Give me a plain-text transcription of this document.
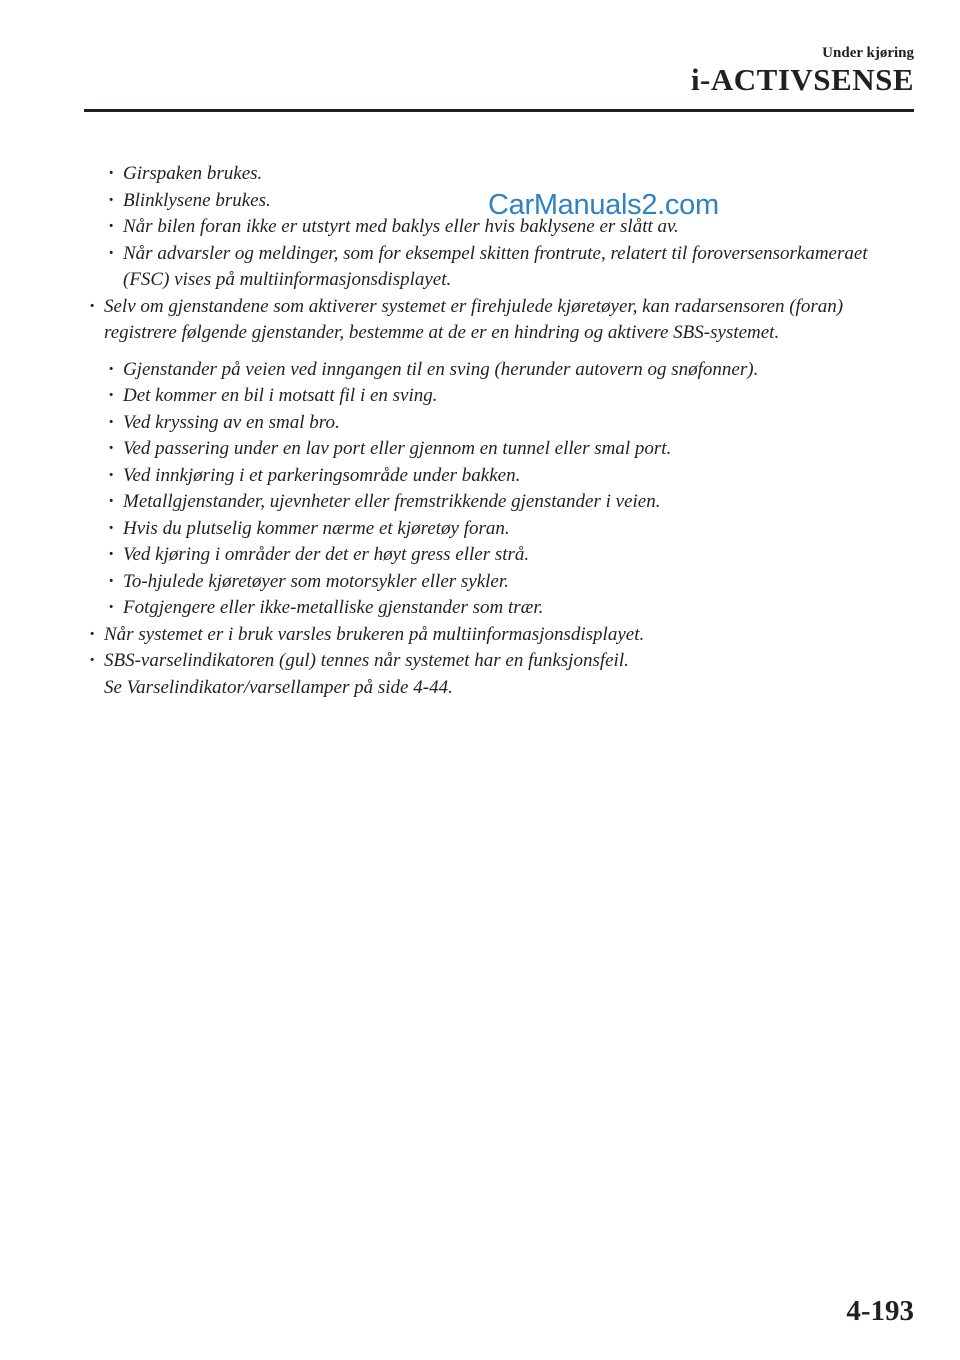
Under kjøring
i-ACTIVSENSE
CarManuals2.com
· Girspaken brukes.
· Blinklysene brukes.
· Når bilen foran ikke er utstyrt med baklys eller hvis baklysene er slått av.
· Når advarsler og meldinger, som for eksempel skitten frontrute, relatert til foroversensorkameraet (FSC) vises på multiinformasjonsdisplayet.
· Selv om gjenstandene som aktiverer systemet er firehjulede kjøretøyer, kan radarsensoren (foran) registrere følgende gjenstander, bestemme at de er en hindring og aktivere SBS-systemet.
· Gjenstander på veien ved inngangen til en sving (herunder autovern og snøfonner).
· Det kommer en bil i motsatt fil i en sving.
· Ved kryssing av en smal bro.
· Ved passering under en lav port eller gjennom en tunnel eller smal port.
· Ved innkjøring i et parkeringsområde under bakken.
· Metallgjenstander, ujevnheter eller fremstrikkende gjenstander i veien.
· Hvis du plutselig kommer nærme et kjøretøy foran.
· Ved kjøring i områder der det er høyt gress eller strå.
· To-hjulede kjøretøyer som motorsykler eller sykler.
· Fotgjengere eller ikke-metalliske gjenstander som trær.
· Når systemet er i bruk varsles brukeren på multiinformasjonsdisplayet.
· SBS-varselindikatoren (gul) tennes når systemet har en funksjonsfeil.
Se Varselindikator/varsellamper på side 4-44.
4-193
